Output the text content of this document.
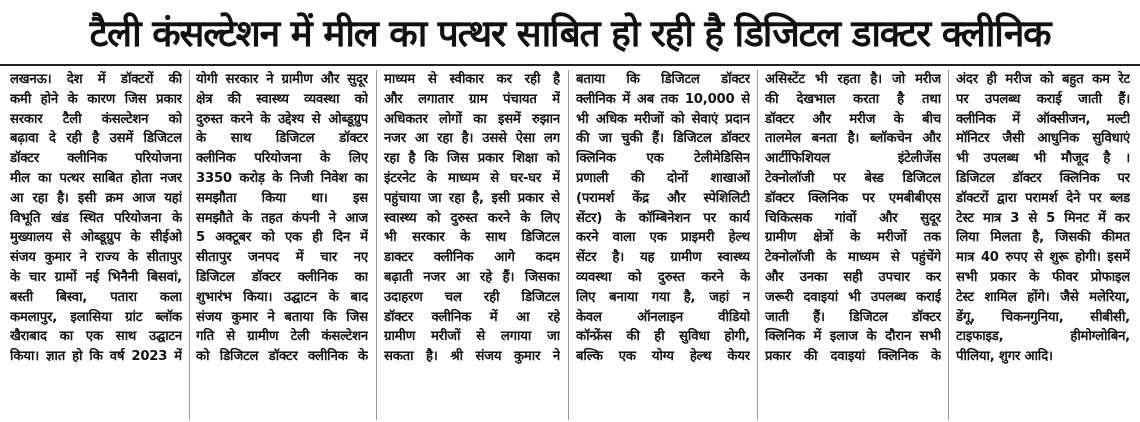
टैली कंसल्टेशन में मील का पत्थर साबित हो रही है डिजिटल डाक्टर क्लीनिक
लखनऊ। देश में डॉक्टरों की
कमी होने के कारण जिस प्रकार
सरकार टैली कंसल्टेशन को
बढ़ावा दे रही है उसमें डिजिटल
डॉक्टर क्लीनिक परियोजना
मील का पत्थर साबित होता नजर
आ रहा है। इसी क्रम आज यहां
विभूति खंड स्थित परियोजना के
मुख्यालय से ओब्डूग्रुप के सीईओ
संजय कुमार ने राज्य के सीतापुर
के चार ग्रामों नई भिनैनी बिसवां,
बस्ती बिस्वा, पतारा कला
कमलापुर, इलासिया ग्रांट ब्लॉक
खैराबाद का एक साथ उद्घाटन
किया। ज्ञात हो कि वर्ष 2023 में
योगी सरकार ने ग्रामीण और सुदूर
क्षेत्र की स्वास्थ्य व्यवस्था को
दुरुस्त करने के उद्देश्य से ओब्डूग्रुप
के साथ डिजिटल डॉक्टर
क्लीनिक परियोजना के लिए
3350 करोड़ के निजी निवेश का
समझौता किया था। इस
समझौते के तहत कंपनी ने आज
5 अक्टूबर को एक ही दिन में
सीतापुर जनपद में चार नए
डिजिटल डॉक्टर क्लीनिक का
शुभारंभ किया। उद्घाटन के बाद
संजय कुमार ने बताया कि जिस
गति से ग्रामीण टेली कंसल्टेशन
को डिजिटल डॉक्टर क्लीनिक के
माध्यम से स्वीकार कर रही है
और लगातार ग्राम पंचायत में
अधिकतर लोगों का इसमें रुझान
नजर आ रहा है। उससे ऐसा लग
रहा है कि जिस प्रकार शिक्षा को
इंटरनेट के माध्यम से घर-घर में
पहुंचाया जा रहा है, इसी प्रकार से
स्वास्थ्य को दुरुस्त करने के लिए
भी सरकार के साथ डिजिटल
डाक्टर क्लीनिक आगे कदम
बढ़ाती नजर आ रहे हैं। जिसका
उदाहरण चल रही डिजिटल
डॉक्टर क्लीनिक में आ रहे
ग्रामीण मरीजों से लगाया जा
सकता है। श्री संजय कुमार ने
बताया कि डिजिटल डॉक्टर
क्लीनिक में अब तक 10,000 से
भी अधिक मरीजों को सेवाएं प्रदान
की जा चुकी हैं। डिजिटल डॉक्टर
क्लिनिक एक टेलीमेडिसिन
प्रणाली की दोनों शाखाओं
(परामर्श केंद्र और स्पेशिलिटी
सेंटर) के कॉम्बिनेशन पर कार्य
करने वाला एक प्राइमरी हेल्थ
सेंटर है। यह ग्रामीण स्वास्थ्य
व्यवस्था को दुरुस्त करने के
लिए बनाया गया है, जहां न
केवल ऑनलाइन वीडियो
कॉन्फ्रेंस की ही सुविधा होगी,
बल्कि एक योग्य हेल्थ केयर
असिस्टेंट भी रहता है। जो मरीज
की देखभाल करता है तथा
डॉक्टर और मरीज के बीच
तालमेल बनता है। ब्लॉकचेन और
आर्टीफिशियल इंटेलीजेंस
टेक्नोलॉजी पर बेस्ड डिजिटल
डॉक्टर क्लिनिक पर एमबीबीएस
चिकित्सक गांवों और सुदूर
ग्रामीण क्षेत्रों के मरीजों तक
टेक्नोलॉजी के माध्यम से पहुंचेंगे
और उनका सही उपचार कर
जरूरी दवाइयां भी उपलब्ध कराई
जाती हैं। डिजिटल डॉक्टर
क्लिनिक में इलाज के दौरान सभी
प्रकार की दवाइयां क्लिनिक के
अंदर ही मरीज को बहुत कम रेट
पर उपलब्ध कराई जाती हैं।
क्लीनिक में ऑक्सीजन, मल्टी
मॉनिटर जैसी आधुनिक सुविधाएं
भी उपलब्ध भी मौजूद है ।
डिजिटल डॉक्टर क्लिनिक पर
डॉक्टरों द्वारा परामर्श देने पर ब्लड
टेस्ट मात्र 3 से 5 मिनट में कर
लिया मिलता है, जिसकी कीमत
मात्र 40 रुपए से शुरू होगी। इसमें
सभी प्रकार के फीवर प्रोफाइल
टेस्ट शामिल होंगे। जैसे मलेरिया,
डेंगू, चिकनगुनिया, सीबीसी,
टाइफाइड, हीमोग्लोबिन,
पीलिया, शुगर आदि।
